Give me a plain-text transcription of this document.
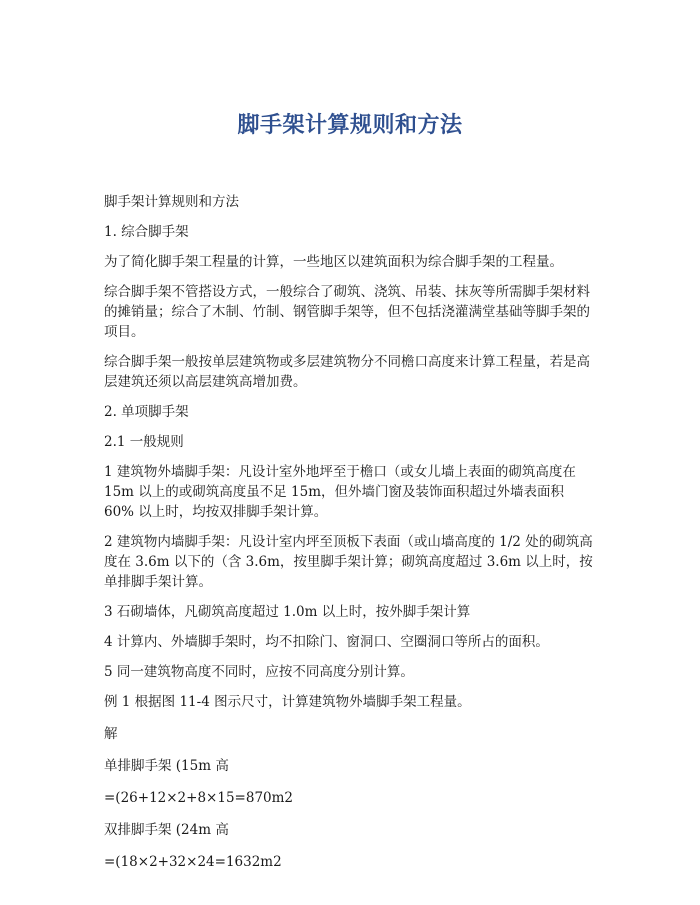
脚手架计算规则和方法

脚手架计算规则和方法

1. 综合脚手架

为了简化脚手架工程量的计算，一些地区以建筑面积为综合脚手架的工程量。

综合脚手架不管搭设方式，一般综合了砌筑、浇筑、吊装、抹灰等所需脚手架材料的摊销量；综合了木制、竹制、钢管脚手架等，但不包括浇灌满堂基础等脚手架的项目。

综合脚手架一般按单层建筑物或多层建筑物分不同檐口高度来计算工程量，若是高层建筑还须以高层建筑高增加费。

2. 单项脚手架

2.1 一般规则

1 建筑物外墙脚手架：凡设计室外地坪至于檐口（或女儿墙上表面的砌筑高度在 15m 以上的或砌筑高度虽不足 15m，但外墙门窗及装饰面积超过外墙表面积 60% 以上时，均按双排脚手架计算。

2 建筑物内墙脚手架：凡设计室内坪至顶板下表面（或山墙高度的 1/2 处的砌筑高度在 3.6m 以下的（含 3.6m，按里脚手架计算；砌筑高度超过 3.6m 以上时，按单排脚手架计算。

3 石砌墙体，凡砌筑高度超过 1.0m 以上时，按外脚手架计算

4 计算内、外墙脚手架时，均不扣除门、窗洞口、空圈洞口等所占的面积。

5 同一建筑物高度不同时，应按不同高度分别计算。

例 1 根据图 11-4 图示尺寸，计算建筑物外墙脚手架工程量。

解

单排脚手架 (15m 高

=(26+12×2+8×15=870m2

双排脚手架 (24m 高

=(18×2+32×24=1632m2
